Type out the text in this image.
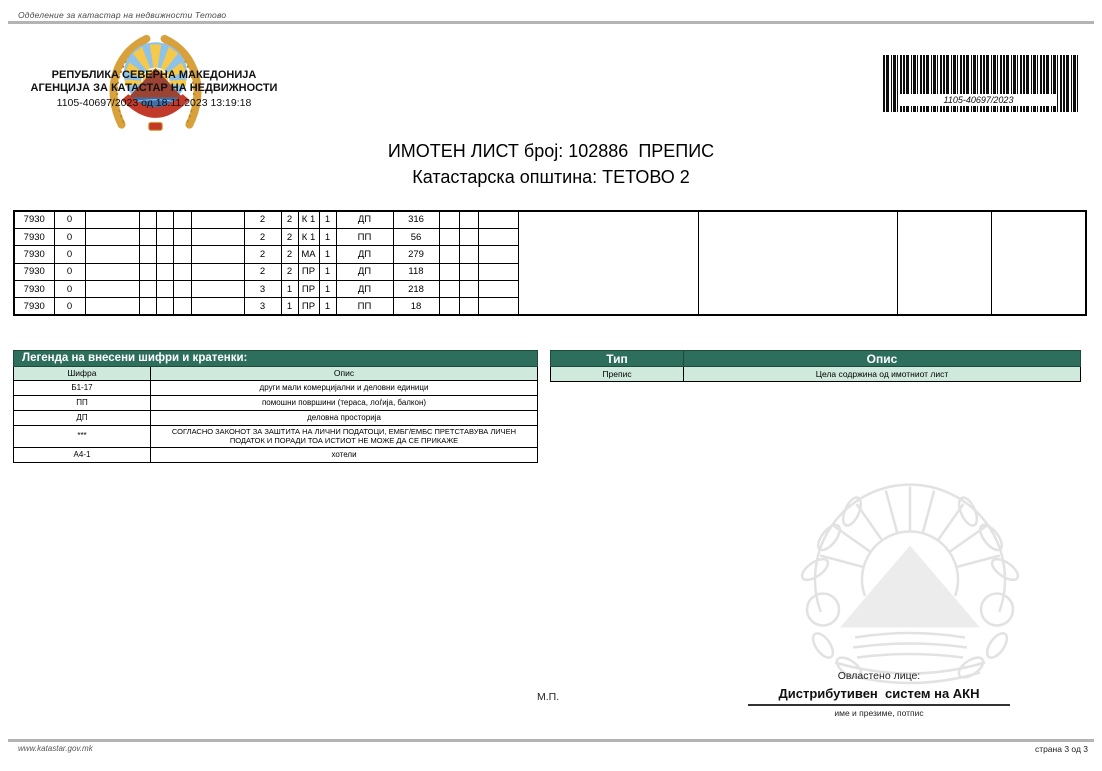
Одделение за катастар на недвижности Тетово
РЕПУБЛИКА СЕВЕРНА МАКЕДОНИЈА
АГЕНЦИЈА ЗА КАТАСТАР НА НЕДВИЖНОСТИ
1105-40697/2023 од 18.11.2023 13:19:18	1105-40697/2023
ИМОТЕН ЛИСТ број: 102886  ПРЕПИС
Катастарска општина: ТЕТОВО 2
7930	0						2	2	К 1	1	ДП	316							
7930	0						2	2	К 1	1	ПП	56							
7930	0						2	2	МА	1	ДП	279							
7930	0						2	2	ПР	1	ДП	118							
7930	0						3	1	ПР	1	ДП	218							
7930	0						3	1	ПР	1	ПП	18							
Легенда на внесени шифри и кратенки:	
Шифра	Опис
Б1-17	други мали комерцијални и деловни единици
ПП	помошни површини (тераса, лоѓија, балкон)
ДП	деловна просторија
***	СОГЛАСНО ЗАКОНОТ ЗА ЗАШТИТА НА ЛИЧНИ ПОДАТОЦИ, ЕМБГ/ЕМБС ПРЕТСТАВУВА ЛИЧЕН ПОДАТОК И ПОРАДИ ТОА ИСТИОТ НЕ МОЖЕ ДА СЕ ПРИКАЖЕ
А4-1	хотели
Тип	Опис
Препис	Цела содржина од имотниот лист
М.П.
Овластено лице:
Дистрибутивен  систем на АКН
име и презиме, потпис
www.katastar.gov.mk	страна 3 од 3
